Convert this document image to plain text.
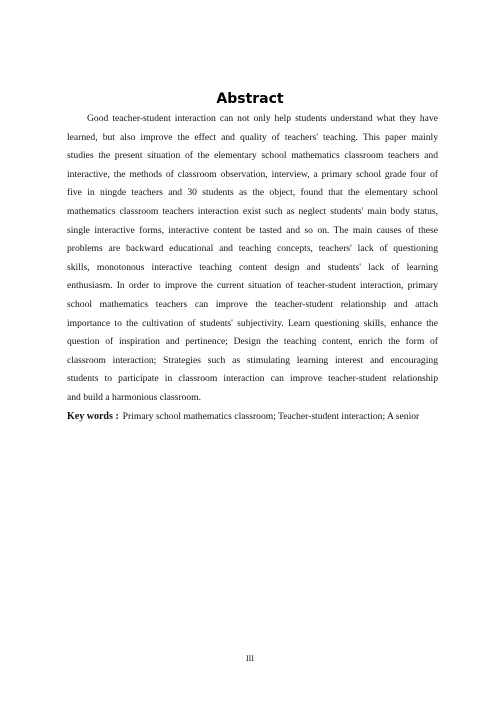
Abstract
Good teacher-student interaction can not only help students understand what they have
learned, but also improve the effect and quality of teachers' teaching. This paper mainly
studies the present situation of the elementary school mathematics classroom teachers and
interactive, the methods of classroom observation, interview, a primary school grade four of
five in ningde teachers and 30 students as the object, found that the elementary school
mathematics classroom teachers interaction exist such as neglect students' main body status,
single interactive forms, interactive content be tasted and so on. The main causes of these
problems are backward educational and teaching concepts, teachers' lack of questioning
skills, monotonous interactive teaching content design and students' lack of learning
enthusiasm. In order to improve the current situation of teacher-student interaction, primary
school mathematics teachers can improve the teacher-student relationship and attach
importance to the cultivation of students' subjectivity. Learn questioning skills, enhance the
question of inspiration and pertinence; Design the teaching content, enrich the form of
classroom interaction; Strategies such as stimulating learning interest and encouraging
students to participate in classroom interaction can improve teacher-student relationship
and build a harmonious classroom.
Key words : Primary school mathematics classroom; Teacher-student interaction; A senior
III
